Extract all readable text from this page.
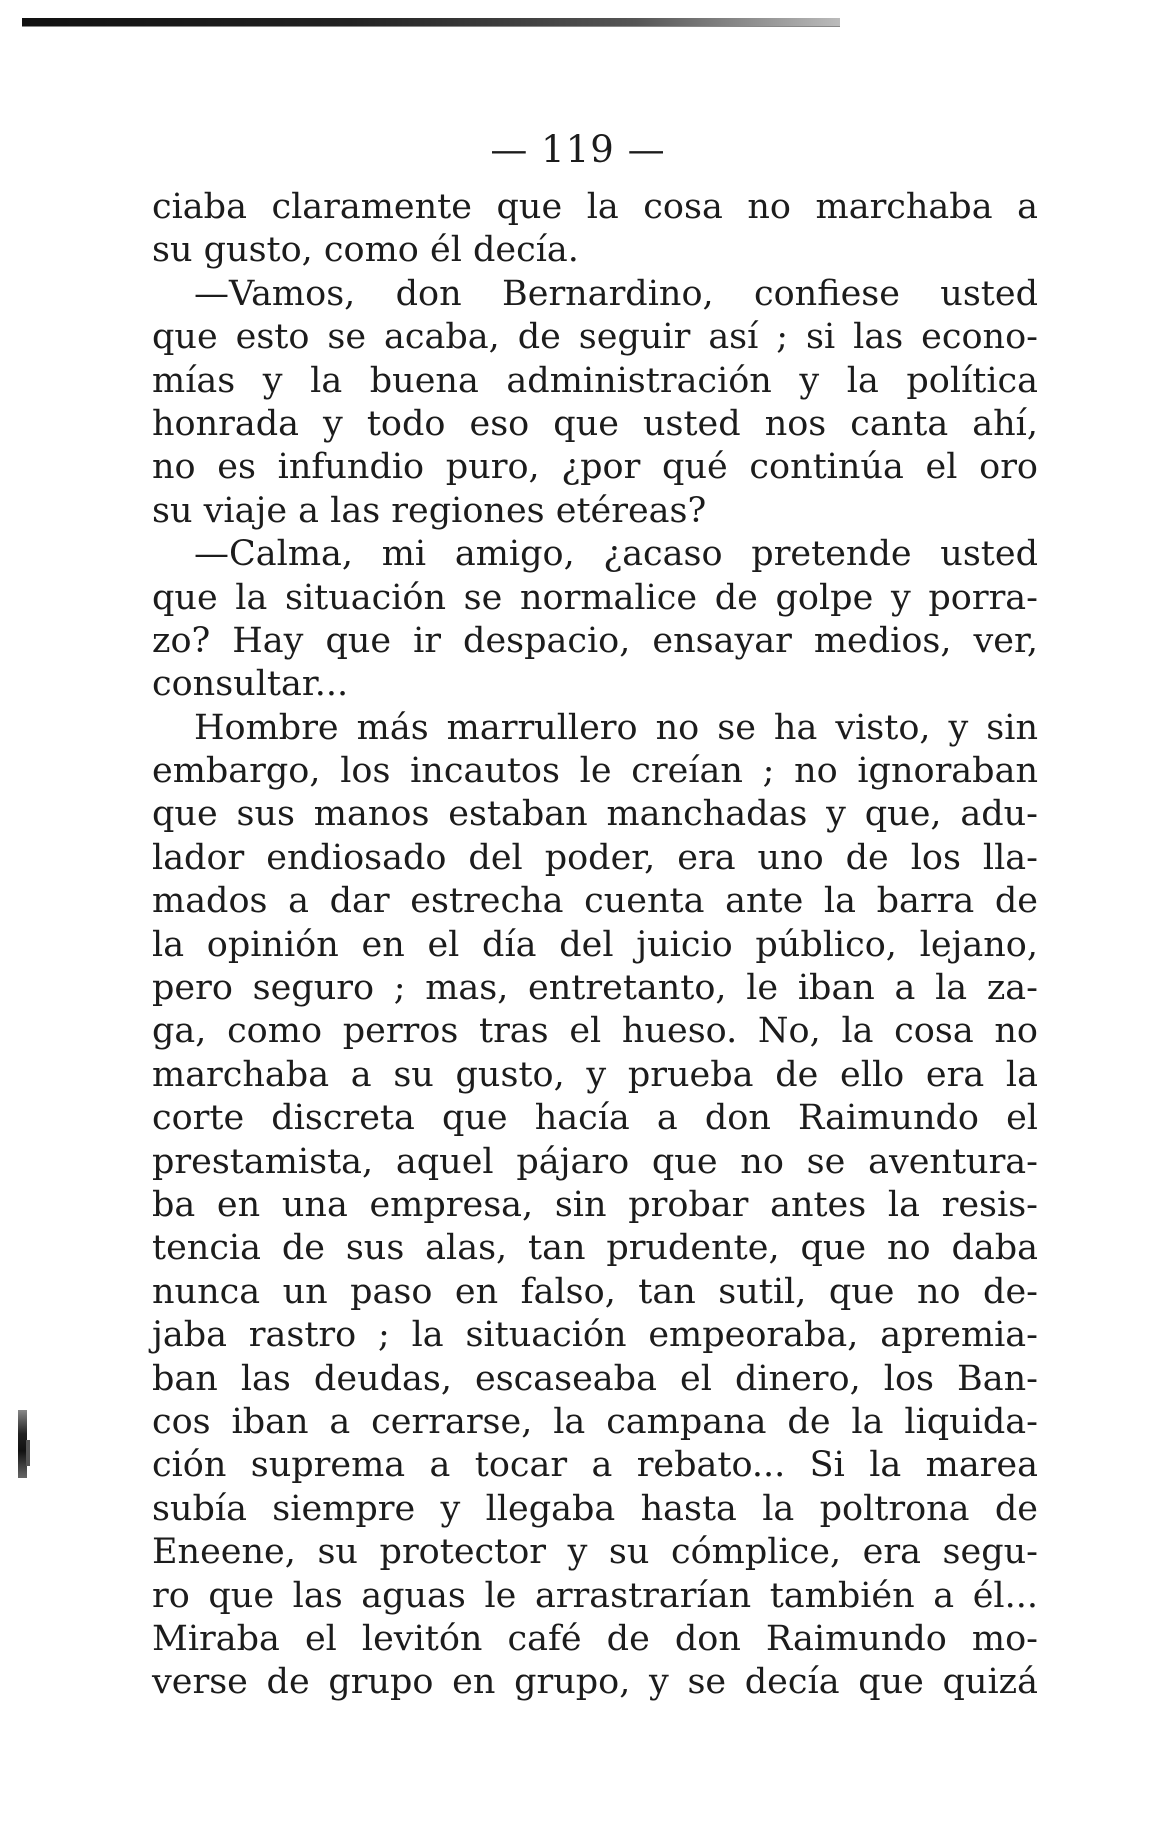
— 119 —
ciaba claramente que la cosa no marchaba a
su gusto, como él decía.
—Vamos, don Bernardino, confiese usted
que esto se acaba, de seguir así ; si las econo-
mías y la buena administración y la política
honrada y todo eso que usted nos canta ahí,
no es infundio puro, ¿por qué continúa el oro
su viaje a las regiones etéreas?
—Calma, mi amigo, ¿acaso pretende usted
que la situación se normalice de golpe y porra-
zo? Hay que ir despacio, ensayar medios, ver,
consultar...
Hombre más marrullero no se ha visto, y sin
embargo, los incautos le creían ; no ignoraban
que sus manos estaban manchadas y que, adu-
lador endiosado del poder, era uno de los lla-
mados a dar estrecha cuenta ante la barra de
la opinión en el día del juicio público, lejano,
pero seguro ; mas, entretanto, le iban a la za-
ga, como perros tras el hueso. No, la cosa no
marchaba a su gusto, y prueba de ello era la
corte discreta que hacía a don Raimundo el
prestamista, aquel pájaro que no se aventura-
ba en una empresa, sin probar antes la resis-
tencia de sus alas, tan prudente, que no daba
nunca un paso en falso, tan sutil, que no de-
jaba rastro ; la situación empeoraba, apremia-
ban las deudas, escaseaba el dinero, los Ban-
cos iban a cerrarse, la campana de la liquida-
ción suprema a tocar a rebato... Si la marea
subía siempre y llegaba hasta la poltrona de
Eneene, su protector y su cómplice, era segu-
ro que las aguas le arrastrarían también a él...
Miraba el levitón café de don Raimundo mo-
verse de grupo en grupo, y se decía que quizá
